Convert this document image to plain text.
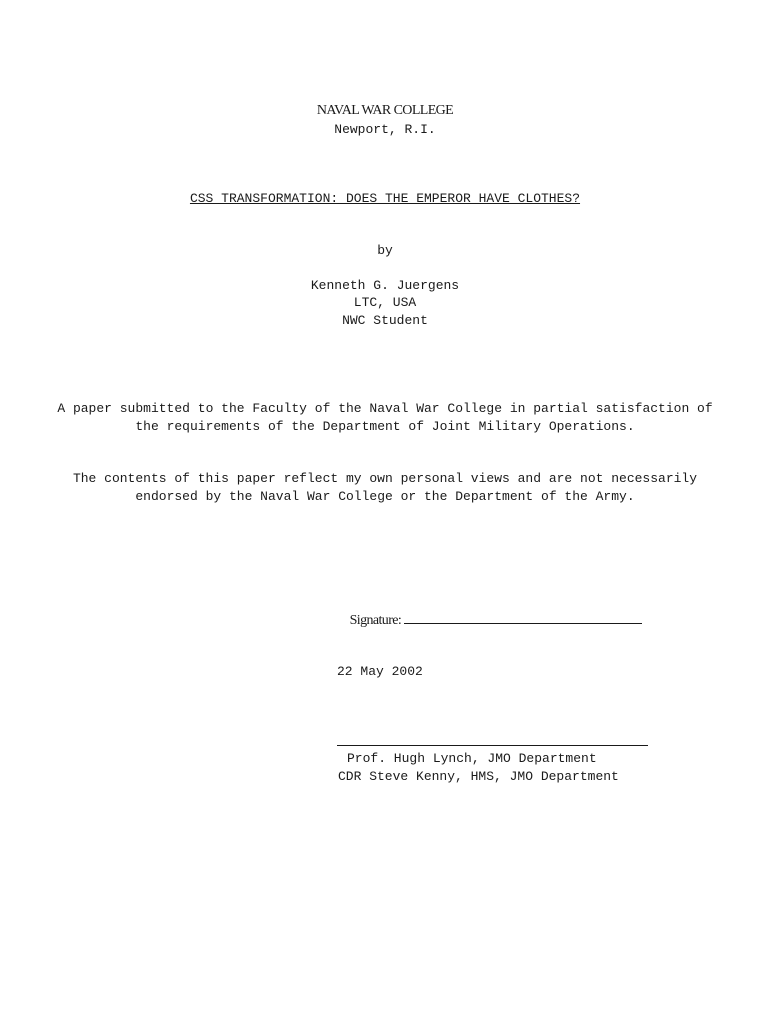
NAVAL WAR COLLEGE
Newport, R.I.
CSS TRANSFORMATION: DOES THE EMPEROR HAVE CLOTHES?
by
Kenneth G. Juergens
LTC, USA
NWC Student
A paper submitted to the Faculty of the Naval War College in partial satisfaction of the requirements of the Department of Joint Military Operations.
The contents of this paper reflect my own personal views and are not necessarily endorsed by the Naval War College or the Department of the Army.

Signature:

22 May 2002
Prof. Hugh Lynch, JMO Department
CDR Steve Kenny, HMS, JMO Department
